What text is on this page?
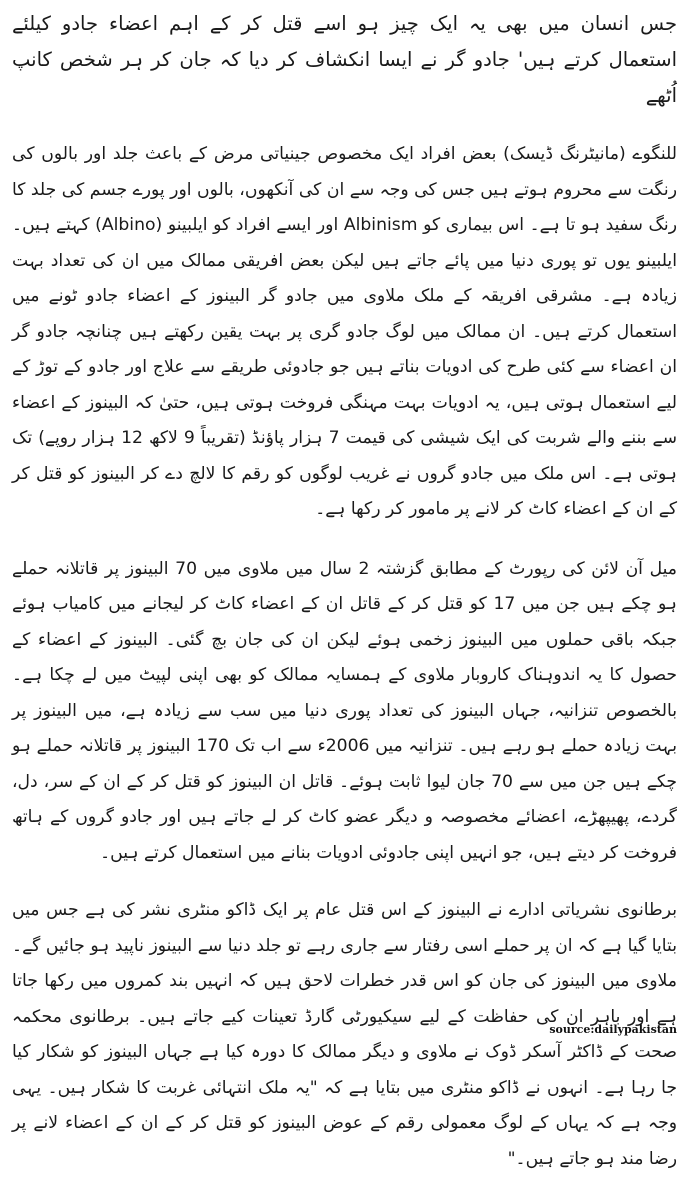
جس انسان میں بھی یہ ایک چیز ہو اسے قتل کر کے اہم اعضاء جادو کیلئے استعمال کرتے ہیں' جادو گر نے ایسا انکشاف کر دیا کہ جان کر ہر شخص کانپ اُٹھے

للنگوے (مانیٹرنگ ڈیسک) بعض افراد ایک مخصوص جینیاتی مرض کے باعث جلد اور بالوں کی رنگت سے محروم ہوتے ہیں جس کی وجہ سے ان کی آنکھوں، بالوں اور پورے جسم کی جلد کا رنگ سفید ہو تا ہے۔ اس بیماری کو Albinism اور ایسے افراد کو ایلبینو (Albino) کہتے ہیں۔ ایلبینو یوں تو پوری دنیا میں پائے جاتے ہیں لیکن بعض افریقی ممالک میں ان کی تعداد بہت زیادہ ہے۔ مشرقی افریقہ کے ملک ملاوی میں جادو گر البینوز کے اعضاء جادو ٹونے میں استعمال کرتے ہیں۔ ان ممالک میں لوگ جادو گری پر بہت یقین رکھتے ہیں چنانچہ جادو گر ان اعضاء سے کئی طرح کی ادویات بناتے ہیں جو جادوئی طریقے سے علاج اور جادو کے توڑ کے لیے استعمال ہوتی ہیں، یہ ادویات بہت مہنگی فروخت ہوتی ہیں، حتیٰ کہ البینوز کے اعضاء سے بننے والے شربت کی ایک شیشی کی قیمت 7 ہزار پاؤنڈ (تقریباً 9 لاکھ 12 ہزار روپے) تک ہوتی ہے۔ اس ملک میں جادو گروں نے غریب لوگوں کو رقم کا لالچ دے کر البینوز کو قتل کر کے ان کے اعضاء کاٹ کر لانے پر مامور کر رکھا ہے۔

میل آن لائن کی رپورٹ کے مطابق گزشتہ 2 سال میں ملاوی میں 70 البینوز پر قاتلانہ حملے ہو چکے ہیں جن میں 17 کو قتل کر کے قاتل ان کے اعضاء کاٹ کر لیجانے میں کامیاب ہوئے جبکہ باقی حملوں میں البینوز زخمی ہوئے لیکن ان کی جان بچ گئی۔ البینوز کے اعضاء کے حصول کا یہ اندوہناک کاروبار ملاوی کے ہمسایہ ممالک کو بھی اپنی لپیٹ میں لے چکا ہے۔ بالخصوص تنزانیہ، جہاں البینوز کی تعداد پوری دنیا میں سب سے زیادہ ہے، میں البینوز پر بہت زیادہ حملے ہو رہے ہیں۔ تنزانیہ میں 2006ء سے اب تک 170 البینوز پر قاتلانہ حملے ہو چکے ہیں جن میں سے 70 جان لیوا ثابت ہوئے۔ قاتل ان البینوز کو قتل کر کے ان کے سر، دل، گردے، پھیپھڑے، اعضائے مخصوصہ و دیگر عضو کاٹ کر لے جاتے ہیں اور جادو گروں کے ہاتھ فروخت کر دیتے ہیں، جو انہیں اپنی جادوئی ادویات بنانے میں استعمال کرتے ہیں۔

برطانوی نشریاتی ادارے نے البینوز کے اس قتل عام پر ایک ڈاکو منٹری نشر کی ہے جس میں بتایا گیا ہے کہ ان پر حملے اسی رفتار سے جاری رہے تو جلد دنیا سے البینوز ناپید ہو جائیں گے۔ ملاوی میں البینوز کی جان کو اس قدر خطرات لاحق ہیں کہ انہیں بند کمروں میں رکھا جاتا ہے اور باہر ان کی حفاظت کے لیے سیکیورٹی گارڈ تعینات کیے جاتے ہیں۔ برطانوی محکمہ صحت کے ڈاکٹر آسکر ڈوک نے ملاوی و دیگر ممالک کا دورہ کیا ہے جہاں البینوز کو شکار کیا جا رہا ہے۔ انہوں نے ڈاکو منٹری میں بتایا ہے کہ "یہ ملک انتہائی غربت کا شکار ہیں۔ یہی وجہ ہے کہ یہاں کے لوگ معمولی رقم کے عوض البینوز کو قتل کر کے ان کے اعضاء لانے پر رضا مند ہو جاتے ہیں۔"

source:dailypakistan
